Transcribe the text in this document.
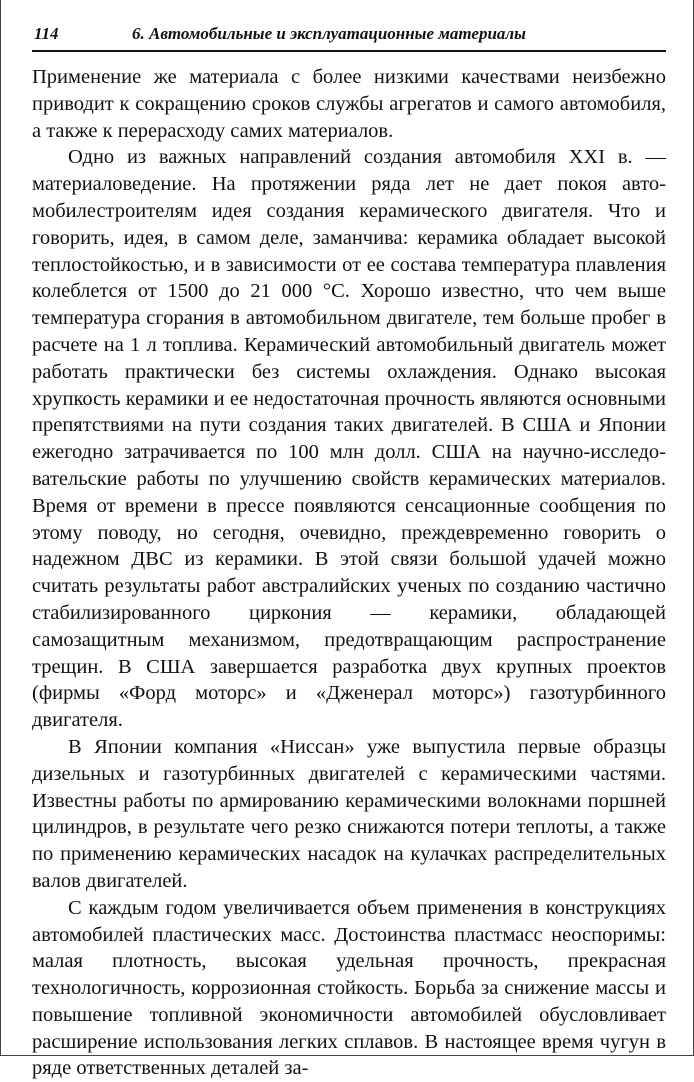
114	6. Автомобильные и эксплуатационные материалы

Применение же материала с более низкими качествами неизбежно приводит к сокращению сроков службы агрегатов и самого автомобиля, а также к перерасходу самих материалов.

Одно из важных направлений создания автомобиля XXI в. — материаловедение. На протяжении ряда лет не дает покоя автомобилестроителям идея создания керамического двигателя. Что и говорить, идея, в самом деле, заманчива: керамика обладает высокой теплостойкостью, и в зависимости от ее состава температура плавления колеблется от 1500 до 21 000 °С. Хорошо известно, что чем выше температура сгорания в автомобильном двигателе, тем больше пробег в расчете на 1 л топлива. Керамический автомобильный двигатель может работать практически без системы охлаждения. Однако высокая хрупкость керамики и ее недостаточная прочность являются основными препятствиями на пути создания таких двигателей. В США и Японии ежегодно затрачивается по 100 млн долл. США на научно-исследовательские работы по улучшению свойств керамических материалов. Время от времени в прессе появляются сенсационные сообщения по этому поводу, но сегодня, очевидно, преждевременно говорить о надежном ДВС из керамики. В этой связи большой удачей можно считать результаты работ австралийских ученых по созданию частично стабилизированного циркония — керамики, обладающей самозащитным механизмом, предотвращающим распространение трещин. В США завершается разработка двух крупных проектов (фирмы «Форд моторс» и «Дженeрал моторс») газотурбинного двигателя.

В Японии компания «Ниссан» уже выпустила первые образцы дизельных и газотурбинных двигателей с керамическими частями. Известны работы по армированию керамическими волокнами поршней цилиндров, в результате чего резко снижаются потери теплоты, а также по применению керамических насадок на кулачках распределительных валов двигателей.

С каждым годом увеличивается объем применения в конструкциях автомобилей пластических масс. Достоинства пластмасс неоспоримы: малая плотность, высокая удельная прочность, прекрасная технологичность, коррозионная стойкость. Борьба за снижение массы и повышение топливной экономичности автомобилей обусловливает расширение использования легких сплавов. В настоящее время чугун в ряде ответственных деталей за-
